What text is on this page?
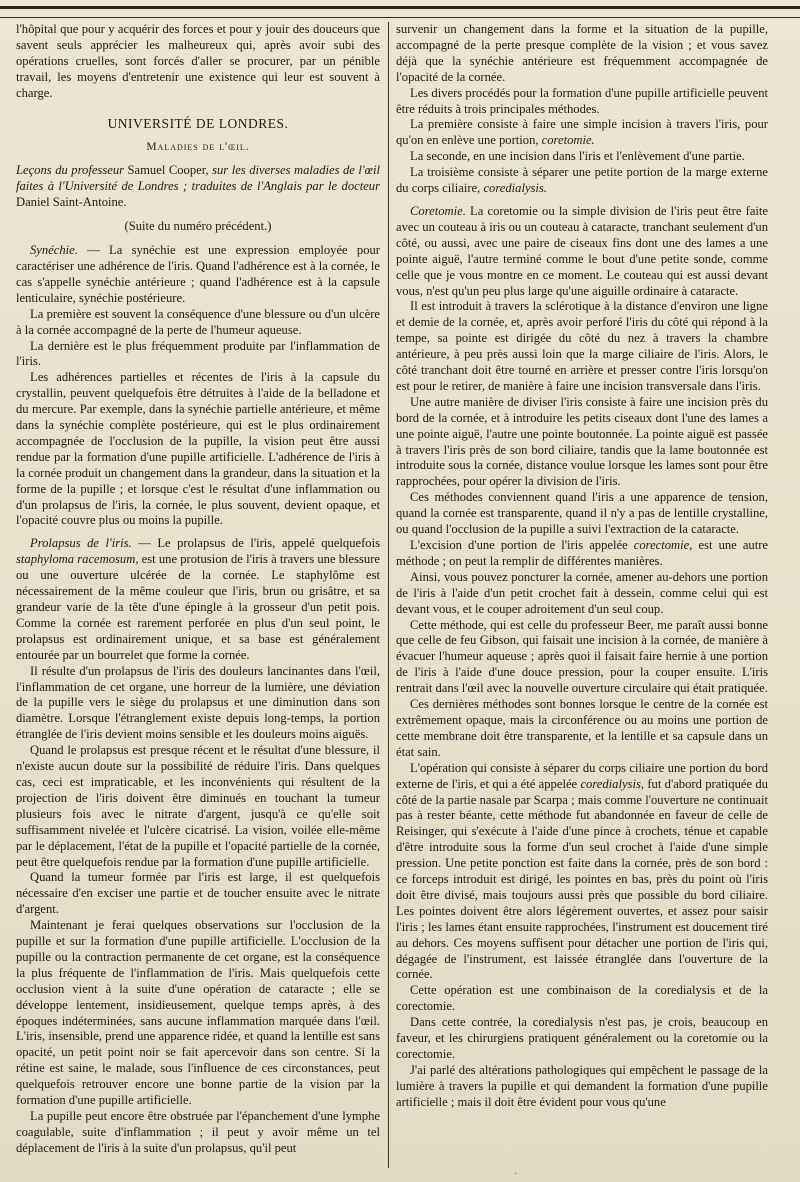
l'hôpital que pour y acquérir des forces et pour y jouir des douceurs que savent seuls apprécier les malheureux qui, après avoir subi des opérations cruelles, sont forcés d'aller se procurer, par un pénible travail, les moyens d'entretenir une existence qui leur est souvent à charge.

UNIVERSITÉ DE LONDRES.
Maladies de l'œil.

Leçons du professeur Samuel Cooper, sur les diverses maladies de l'œil faites à l'Université de Londres ; traduites de l'Anglais par le docteur Daniel Saint-Antoine.

(Suite du numéro précédent.)

Synéchie. — La synéchie est une expression employée pour caractériser une adhérence de l'iris. Quand l'adhérence est à la cornée, le cas s'appelle synéchie antérieure ; quand l'adhérence est à la capsule lenticulaire, synéchie postérieure.

La première est souvent la conséquence d'une blessure ou d'un ulcère à la cornée accompagné de la perte de l'humeur aqueuse.

La dernière est le plus fréquemment produite par l'inflammation de l'iris.

Les adhérences partielles et récentes de l'iris à la capsule du crystallin, peuvent quelquefois être détruites à l'aide de la belladone et du mercure. Par exemple, dans la synéchie partielle antérieure, et même dans la synéchie complète postérieure, qui est le plus ordinairement accompagnée de l'occlusion de la pupille, la vision peut être aussi rendue par la formation d'une pupille artificielle. L'adhérence de l'iris à la cornée produit un changement dans la grandeur, dans la situation et la forme de la pupille ; et lorsque c'est le résultat d'une inflammation ou d'un prolapsus de l'iris, la cornée, le plus souvent, devient opaque, et l'opacité couvre plus ou moins la pupille.

Prolapsus de l'iris. — Le prolapsus de l'iris, appelé quelquefois staphyloma racemosum, est une protusion de l'iris à travers une blessure ou une ouverture ulcérée de la cornée. Le staphylôme est nécessairement de la même couleur que l'iris, brun ou grisâtre, et sa grandeur varie de la tête d'une épingle à la grosseur d'un petit pois. Comme la cornée est rarement perforée en plus d'un seul point, le prolapsus est ordinairement unique, et sa base est généralement entourée par un bourrelet que forme la cornée.

Il résulte d'un prolapsus de l'iris des douleurs lancinantes dans l'œil, l'inflammation de cet organe, une horreur de la lumière, une déviation de la pupille vers le siège du prolapsus et une diminution dans son diamètre. Lorsque l'étranglement existe depuis long-temps, la portion étranglée de l'iris devient moins sensible et les douleurs moins aiguës.

Quand le prolapsus est presque récent et le résultat d'une blessure, il n'existe aucun doute sur la possibilité de réduire l'iris. Dans quelques cas, ceci est impraticable, et les inconvénients qui résultent de la projection de l'iris doivent être diminués en touchant la tumeur plusieurs fois avec le nitrate d'argent, jusqu'à ce qu'elle soit suffisamment nivelée et l'ulcère cicatrisé. La vision, voilée elle-même par le déplacement, l'état de la pupille et l'opacité partielle de la cornée, peut être quelquefois rendue par la formation d'une pupille artificielle.

Quand la tumeur formée par l'iris est large, il est quelquefois nécessaire d'en exciser une partie et de toucher ensuite avec le nitrate d'argent.

Maintenant je ferai quelques observations sur l'occlusion de la pupille et sur la formation d'une pupille artificielle. L'occlusion de la pupille ou la contraction permanente de cet organe, est la conséquence la plus fréquente de l'inflammation de l'iris. Mais quelquefois cette occlusion vient à la suite d'une opération de cataracte ; elle se développe lentement, insidieusement, quelque temps après, à des époques indéterminées, sans aucune inflammation marquée dans l'œil. L'iris, insensible, prend une apparence ridée, et quand la lentille est sans opacité, un petit point noir se fait apercevoir dans son centre. Si la rétine est saine, le malade, sous l'influence de ces circonstances, peut quelquefois retrouver encore une bonne partie de la vision par la formation d'une pupille artificielle.

La pupille peut encore être obstruée par l'épanchement d'une lymphe coagulable, suite d'inflammation ; il peut y avoir même un tel déplacement de l'iris à la suite d'un prolapsus, qu'il peut

survenir un changement dans la forme et la situation de la pupille, accompagné de la perte presque complète de la vision ; et vous savez déjà que la synéchie antérieure est fréquemment accompagnée de l'opacité de la cornée.

Les divers procédés pour la formation d'une pupille artificielle peuvent être réduits à trois principales méthodes.

La première consiste à faire une simple incision à travers l'iris, pour qu'on en enlève une portion, coretomie.

La seconde, en une incision dans l'iris et l'enlèvement d'une partie.

La troisième consiste à séparer une petite portion de la marge externe du corps ciliaire, coredialysis.

Coretomie. La coretomie ou la simple division de l'iris peut être faite avec un couteau à iris ou un couteau à cataracte, tranchant seulement d'un côté, ou aussi, avec une paire de ciseaux fins dont une des lames a une pointe aiguë, l'autre terminé comme le bout d'une petite sonde, comme celle que je vous montre en ce moment. Le couteau qui est aussi devant vous, n'est qu'un peu plus large qu'une aiguille ordinaire à cataracte.

Il est introduit à travers la sclérotique à la distance d'environ une ligne et demie de la cornée, et, après avoir perforé l'iris du côté qui répond à la tempe, sa pointe est dirigée du côté du nez à travers la chambre antérieure, à peu près aussi loin que la marge ciliaire de l'iris. Alors, le côté tranchant doit être tourné en arrière et presser contre l'iris lorsqu'on est pour le retirer, de manière à faire une incision transversale dans l'iris.

Une autre manière de diviser l'iris consiste à faire une incision près du bord de la cornée, et à introduire les petits ciseaux dont l'une des lames a une pointe aiguë, l'autre une pointe boutonnée. La pointe aiguë est passée à travers l'iris près de son bord ciliaire, tandis que la lame boutonnée est introduite sous la cornée, distance voulue lorsque les lames sont pour être rapprochées, pour opérer la division de l'iris.

Ces méthodes conviennent quand l'iris a une apparence de tension, quand la cornée est transparente, quand il n'y a pas de lentille crystalline, ou quand l'occlusion de la pupille a suivi l'extraction de la cataracte.

L'excision d'une portion de l'iris appelée corectomie, est une autre méthode ; on peut la remplir de différentes manières.

Ainsi, vous pouvez poncturer la cornée, amener au-dehors une portion de l'iris à l'aide d'un petit crochet fait à dessein, comme celui qui est devant vous, et le couper adroitement d'un seul coup.

Cette méthode, qui est celle du professeur Beer, me paraît aussi bonne que celle de feu Gibson, qui faisait une incision à la cornée, de manière à évacuer l'humeur aqueuse ; après quoi il faisait faire hernie à une portion de l'iris à l'aide d'une douce pression, pour la couper ensuite. L'iris rentrait dans l'œil avec la nouvelle ouverture circulaire qui était pratiquée.

Ces dernières méthodes sont bonnes lorsque le centre de la cornée est extrêmement opaque, mais la circonférence ou au moins une portion de cette membrane doit être transparente, et la lentille et sa capsule dans un état sain.

L'opération qui consiste à séparer du corps ciliaire une portion du bord externe de l'iris, et qui a été appelée coredialysis, fut d'abord pratiquée du côté de la partie nasale par Scarpa ; mais comme l'ouverture ne continuait pas à rester béante, cette méthode fut abandonnée en faveur de celle de Reisinger, qui s'exécute à l'aide d'une pince à crochets, ténue et capable d'être introduite sous la forme d'un seul crochet à l'aide d'une simple pression. Une petite ponction est faite dans la cornée, près de son bord : ce forceps introduit est dirigé, les pointes en bas, près du point où l'iris doit être divisé, mais toujours aussi près que possible du bord ciliaire. Les pointes doivent être alors légèrement ouvertes, et assez pour saisir l'iris ; les lames étant ensuite rapprochées, l'instrument est doucement tiré au dehors. Ces moyens suffisent pour détacher une portion de l'iris qui, dégagée de l'instrument, est laissée étranglée dans l'ouverture de la cornée.

Cette opération est une combinaison de la coredialysis et de la corectomie.

Dans cette contrée, la coredialysis n'est pas, je crois, beaucoup en faveur, et les chirurgiens pratiquent généralement ou la coretomie ou la corectomie.

J'ai parlé des altérations pathologiques qui empêchent le passage de la lumière à travers la pupille et qui demandent la formation d'une pupille artificielle ; mais il doit être évident pour vous qu'une

·
